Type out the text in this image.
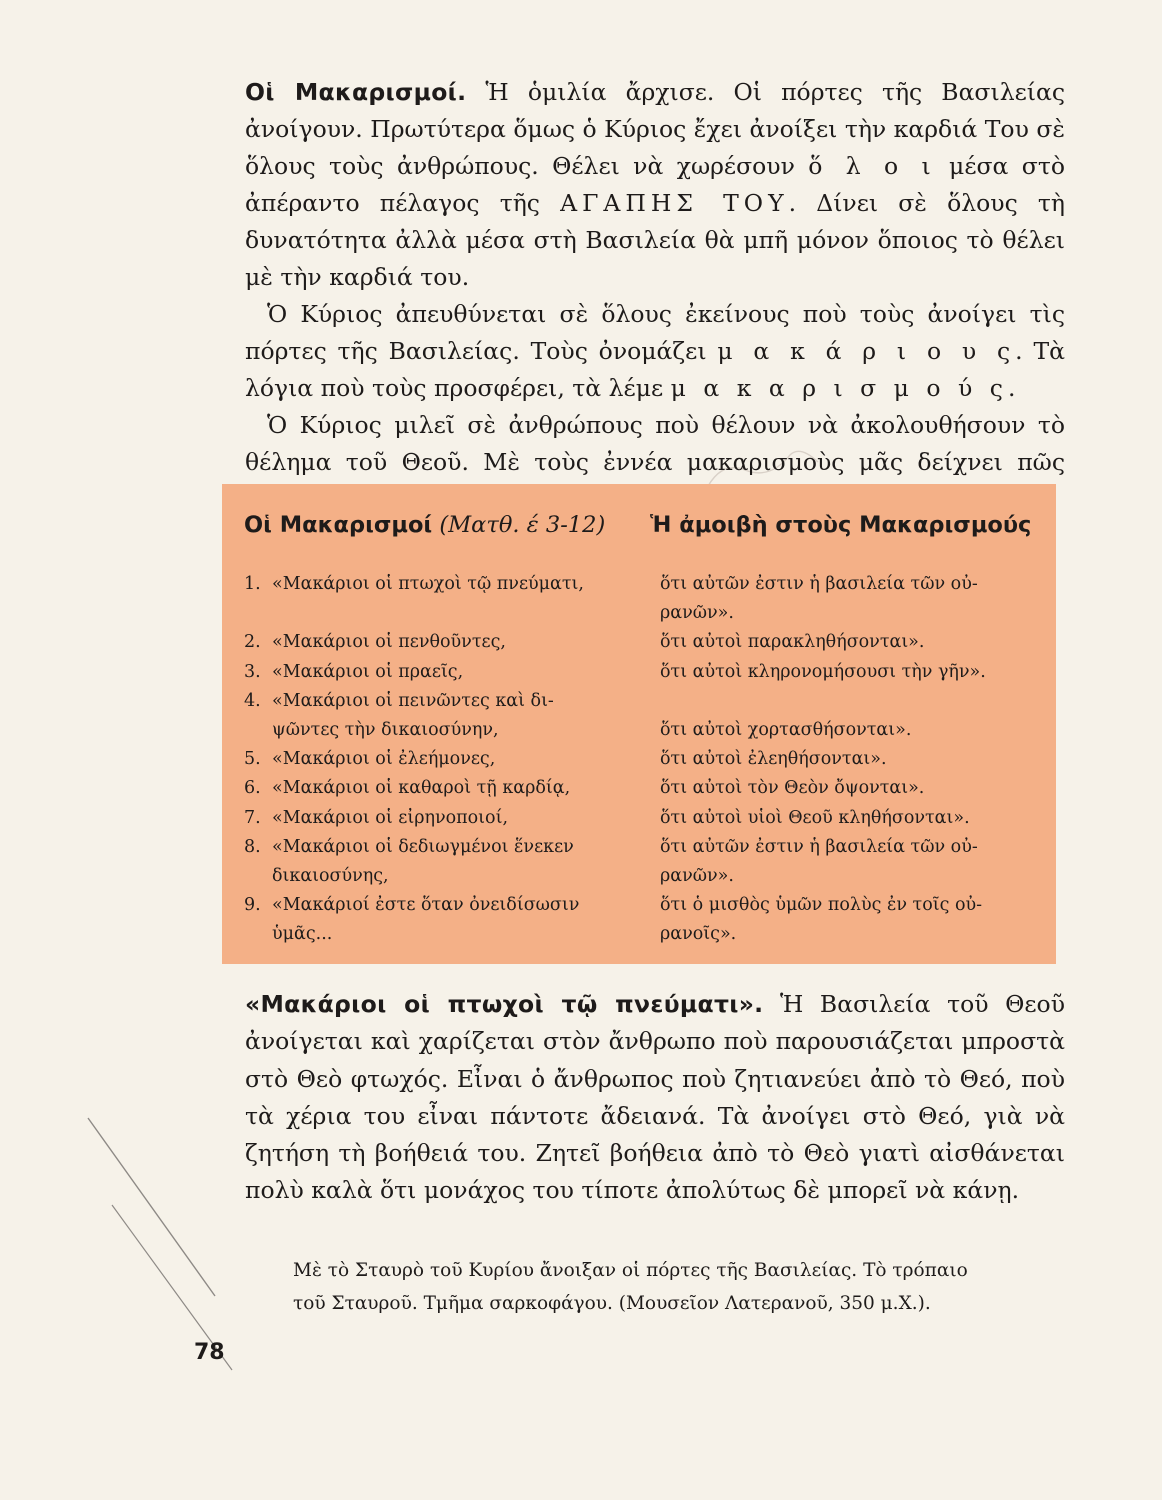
Οἱ Μακαρισμοί. Ἡ ὁμιλία ἄρχισε. Οἱ πόρτες τῆς Βασιλείας ἀνοίγουν. Πρωτύτερα ὅμως ὁ Κύριος ἔχει ἀνοίξει τὴν καρδιά Του σὲ ὅλους τοὺς ἀνθρώπους. Θέλει νὰ χωρέσουν ὅ λ ο ι μέσα στὸ ἀπέραντο πέλαγος τῆς ΑΓΑΠΗΣ ΤΟΥ. Δίνει σὲ ὅλους τὴ δυνατότητα ἀλλὰ μέσα στὴ Βασιλεία θὰ μπῆ μόνον ὅποιος τὸ θέλει μὲ τὴν καρδιά του.

Ὁ Κύριος ἀπευθύνεται σὲ ὅλους ἐκείνους ποὺ τοὺς ἀνοίγει τὶς πόρτες τῆς Βασιλείας. Τοὺς ὀνομάζει μ α κ ά ρ ι ο υ ς. Τὰ λόγια ποὺ τοὺς προσφέρει, τὰ λέμε μ α κ α ρ ι σ μ ο ύ ς.

Ὁ Κύριος μιλεῖ σὲ ἀνθρώπους ποὺ θέλουν νὰ ἀκολουθήσουν τὸ θέλημα τοῦ Θεοῦ. Μὲ τοὺς ἐννέα μακαρισμοὺς μᾶς δείχνει πῶς

Οἱ Μακαρισμοί (Ματθ. έ 3-12) Ἡ ἀμοιβὴ στοὺς Μακαρισμούς
1. «Μακάριοι οἱ πτωχοὶ τῷ πνεύματι,

2. «Μακάριοι οἱ πενθοῦντες,
3. «Μακάριοι οἱ πραεῖς,
4. «Μακάριοι οἱ πεινῶντες καὶ δι-
ψῶντες τὴν δικαιοσύνην,
5. «Μακάριοι οἱ ἐλεήμονες,
6. «Μακάριοι οἱ καθαροὶ τῇ καρδίᾳ,
7. «Μακάριοι οἱ εἰρηνοποιοί,
8. «Μακάριοι οἱ δεδιωγμένοι ἕνεκεν
δικαιοσύνης,
9. «Μακάριοί ἐστε ὅταν ὀνειδίσωσιν
ὑμᾶς...
ὅτι αὐτῶν ἐστιν ἡ βασιλεία τῶν οὐ-
ρανῶν».
ὅτι αὐτοὶ παρακληθήσονται».
ὅτι αὐτοὶ κληρονομήσουσι τὴν γῆν».

ὅτι αὐτοὶ χορτασθήσονται».
ὅτι αὐτοὶ ἐλεηθήσονται».
ὅτι αὐτοὶ τὸν Θεὸν ὄψονται».
ὅτι αὐτοὶ υἱοὶ Θεοῦ κληθήσονται».
ὅτι αὐτῶν ἐστιν ἡ βασιλεία τῶν οὐ-
ρανῶν».
ὅτι ὁ μισθὸς ὑμῶν πολὺς ἐν τοῖς οὐ-
ρανοῖς».

«Μακάριοι οἱ πτωχοὶ τῷ πνεύματι». Ἡ Βασιλεία τοῦ Θεοῦ ἀνοίγεται καὶ χαρίζεται στὸν ἄνθρωπο ποὺ παρουσιάζεται μπροστὰ στὸ Θεὸ φτωχός. Εἶναι ὁ ἄνθρωπος ποὺ ζητιανεύει ἀπὸ τὸ Θεό, ποὺ τὰ χέρια του εἶναι πάντοτε ἄδειανά. Τὰ ἀνοίγει στὸ Θεό, γιὰ νὰ ζητήση τὴ βοήθειά του. Ζητεῖ βοήθεια ἀπὸ τὸ Θεὸ γιατὶ αἰσθάνεται πολὺ καλὰ ὅτι μονάχος του τίποτε ἀπολύτως δὲ μπορεῖ νὰ κάνῃ.

Μὲ τὸ Σταυρὸ τοῦ Κυρίου ἄνοιξαν οἱ πόρτες τῆς Βασιλείας. Τὸ τρόπαιο

τοῦ Σταυροῦ. Τμῆμα σαρκοφάγου. (Μουσεῖον Λατερανοῦ, 350 μ.Χ.).

78
